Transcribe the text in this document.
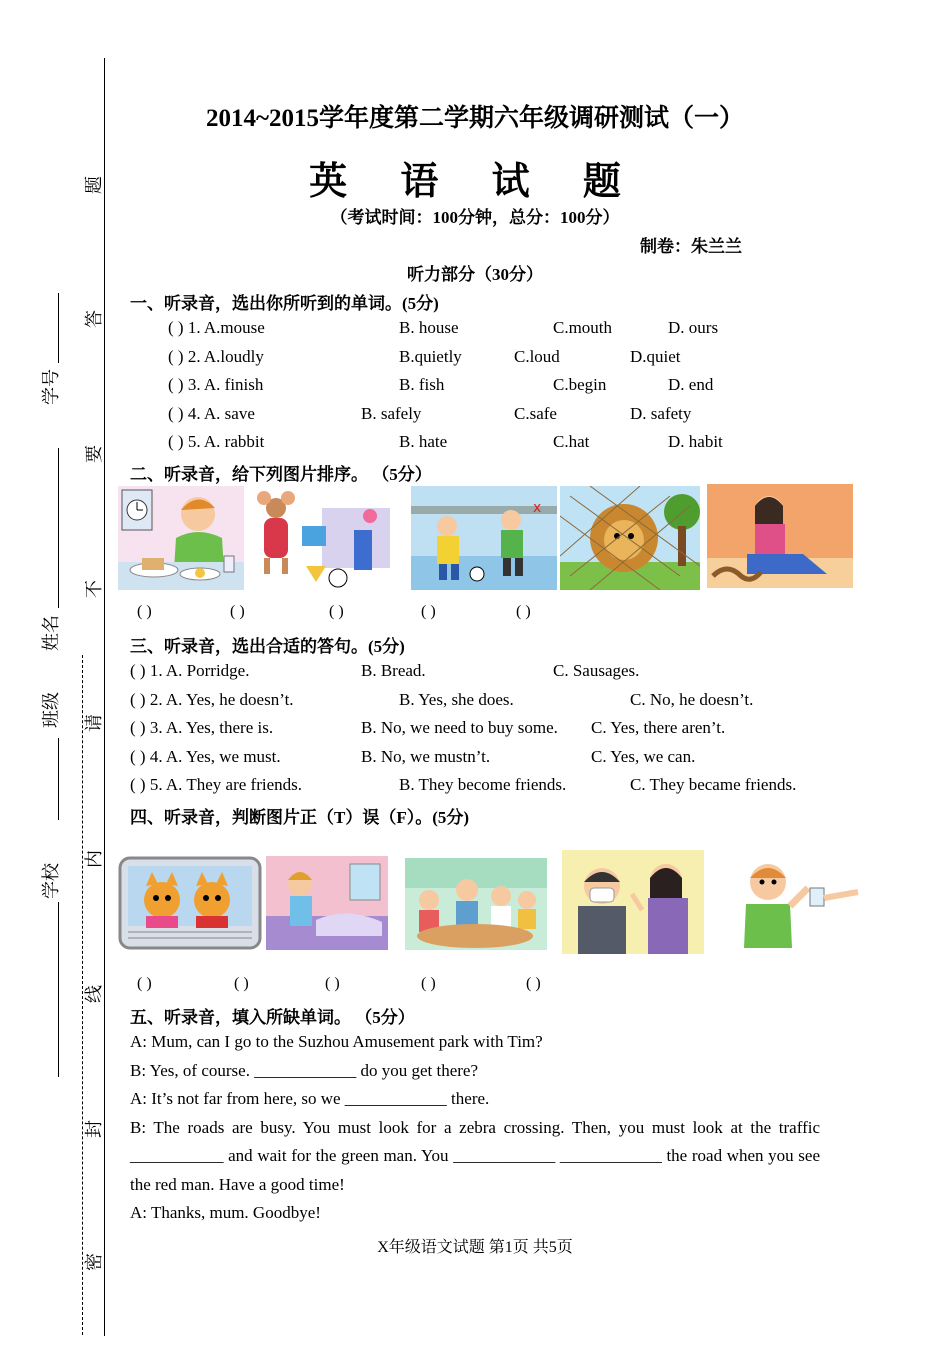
题
答
要
不
请
内
线
封
密
学号
姓名
班级
学校
2014~2015学年度第二学期六年级调研测试（一）
英 语 试 题
（考试时间：100分钟，总分：100分）
制卷：朱兰兰
听力部分（30分）
一、听录音，选出你所听到的单词。(5分)
( ) 1. A.mouse	B. house	C.mouth	D. ours
( ) 2. A.loudly	B.quietly	C.loud	D.quiet
( ) 3. A. finish	B. fish	C.begin	D. end
( ) 4. A. save	B. safely	C.safe	D. safety
( ) 5. A. rabbit	B. hate	C.hat	D. habit
二、听录音，给下列图片排序。 （5分）
x
( )	( )	( )	( )	( )
三、听录音，选出合适的答句。(5分)
( ) 1. A. Porridge.	B. Bread.	C. Sausages.
( ) 2. A. Yes, he doesn’t.	B. Yes, she does.	C. No, he doesn’t.
( ) 3. A. Yes, there is.	B. No, we need to buy some. C. Yes, there aren’t.
( ) 4. A. Yes, we must.	B. No, we mustn’t.	C. Yes, we can.
( ) 5. A. They are friends.	B. They become friends.	C. They became friends.
四、听录音，判断图片正（T）误（F）。(5分)
( )	( )	( )	( )	( )
五、听录音，填入所缺单词。 （5分）
A: Mum, can I go to the Suzhou Amusement park with Tim?
B: Yes, of course. ____________ do you get there?
A: It’s not far from here, so we ____________ there.
B: The roads are busy. You must look for a zebra crossing. Then, you must look at the traffic ___________ and wait for the green man. You ____________ ____________ the road when you see the red man. Have a good time!
A: Thanks, mum. Goodbye!
X年级语文试题 第1页 共5页
